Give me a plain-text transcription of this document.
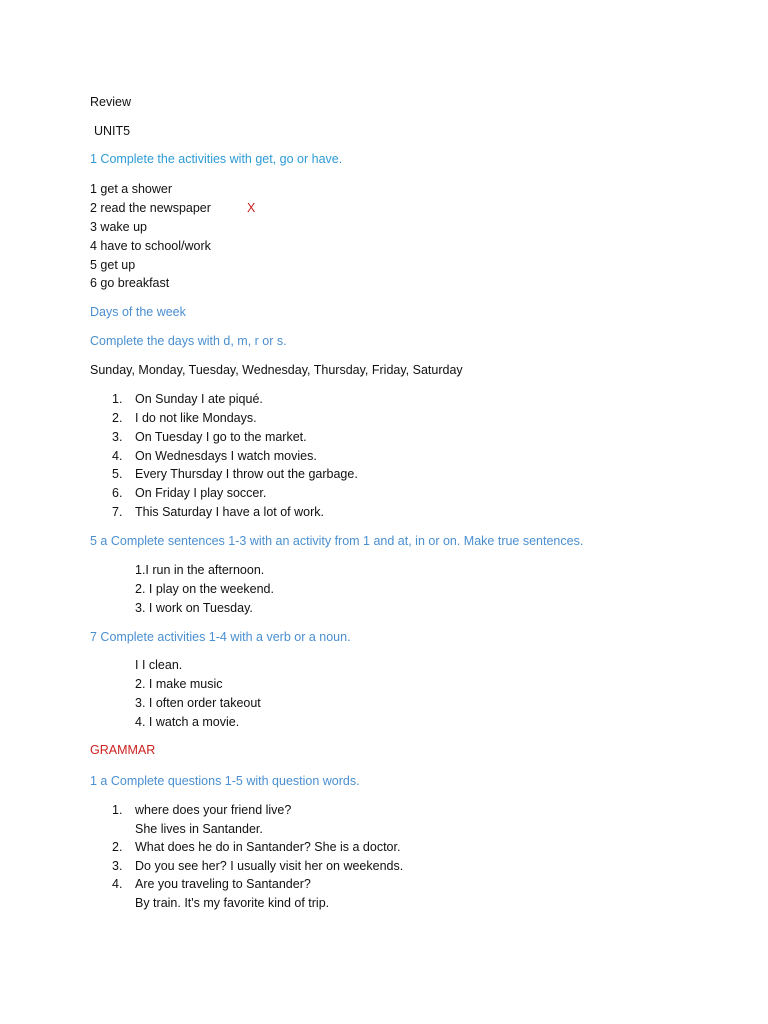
Review
UNIT5
1 Complete the activities with get, go or have.
1 get a shower
2 read the newspaper	X
3 wake up
4 have to school/work
5 get up
6 go breakfast
Days of the week
Complete the days with d, m, r or s.
Sunday, Monday, Tuesday, Wednesday, Thursday, Friday, Saturday
1. On Sunday I ate piqué.
2. I do not like Mondays.
3. On Tuesday I go to the market.
4. On Wednesdays I watch movies.
5. Every Thursday I throw out the garbage.
6. On Friday I play soccer.
7. This Saturday I have a lot of work.
5 a Complete sentences 1-3 with an activity from 1 and at, in or on. Make true sentences.
1.I run in the afternoon.
2. I play on the weekend.
3. I work on Tuesday.
7 Complete activities 1-4 with a verb or a noun.
I I clean.
2. I make music
3. I often order takeout
4. I watch a movie.
GRAMMAR
1 a Complete questions 1-5 with question words.
1. where does your friend live?
She lives in Santander.
2. What does he do in Santander? She is a doctor.
3. Do you see her? I usually visit her on weekends.
4. Are you traveling to Santander?
By train. It's my favorite kind of trip.
